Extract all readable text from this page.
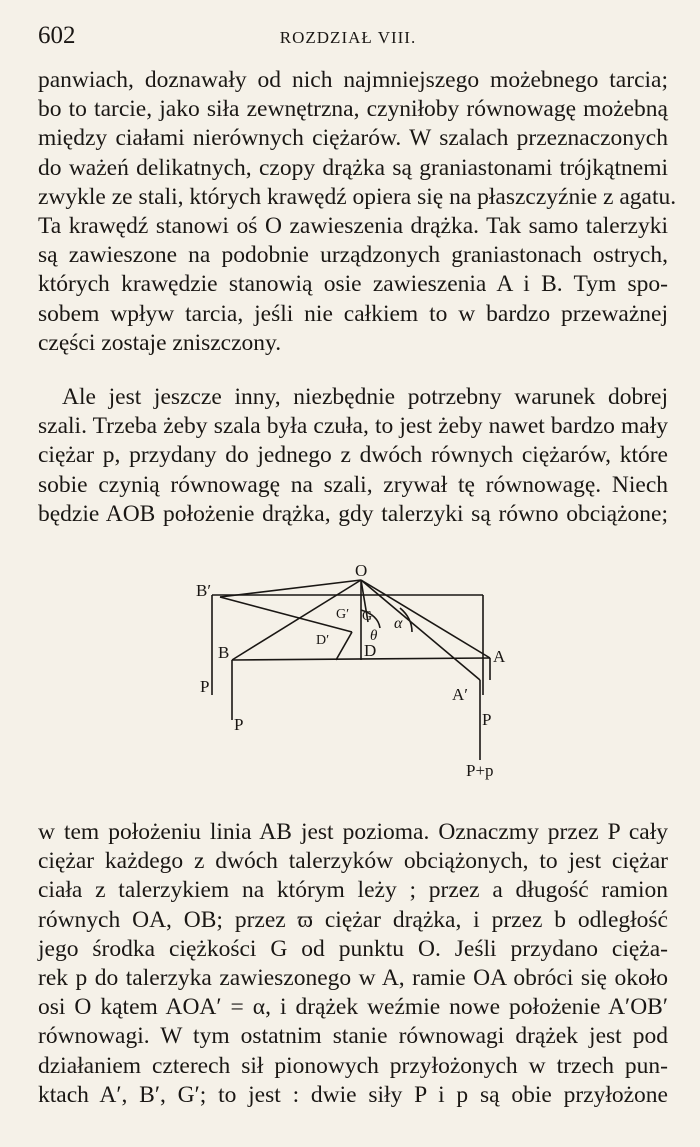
602	ROZDZIAŁ VIII.

panwiach, doznawały od nich najmniejszego możebnego tarcia;
bo to tarcie, jako siła zewnętrzna, czyniłoby równowagę możebną
między ciałami nierównych ciężarów. W szalach przeznaczonych
do ważeń delikatnych, czopy drążka są graniastonami trójkątnemi
zwykle ze stali, których krawędź opiera się na płaszczyźnie z agatu.
Ta krawędź stanowi oś O zawieszenia drążka. Tak samo talerzyki
są zawieszone na podobnie urządzonych graniastonach ostrych,
których krawędzie stanowią osie zawieszenia A i B. Tym spo-
sobem wpływ tarcia, jeśli nie całkiem to w bardzo przeważnej
części zostaje zniszczony.

Ale jest jeszcze inny, niezbędnie potrzebny warunek dobrej
szali. Trzeba żeby szala była czuła, to jest żeby nawet bardzo mały
ciężar p, przydany do jednego z dwóch równych ciężarów, które
sobie czynią równowagę na szali, zrywał tę równowagę. Niech
będzie AOB położenie drążka, gdy talerzyki są równo obciążone;

O
B′
B	A
A′
G′ G
D′
D
θ
α
P
P	P
P+p

w tem położeniu linia AB jest pozioma. Oznaczmy przez P cały
ciężar każdego z dwóch talerzyków obciążonych, to jest ciężar
ciała z talerzykiem na którym leży ; przez a długość ramion
równych OA, OB; przez ϖ ciężar drążka, i przez b odległość
jego środka ciężkości G od punktu O. Jeśli przydano cięża-
rek p do talerzyka zawieszonego w A, ramie OA obróci się około
osi O kątem AOA′ = α, i drążek weźmie nowe położenie A′OB′
równowagi. W tym ostatnim stanie równowagi drążek jest pod
działaniem czterech sił pionowych przyłożonych w trzech pun-
ktach A′, B′, G′; to jest : dwie siły P i p są obie przyłożone
